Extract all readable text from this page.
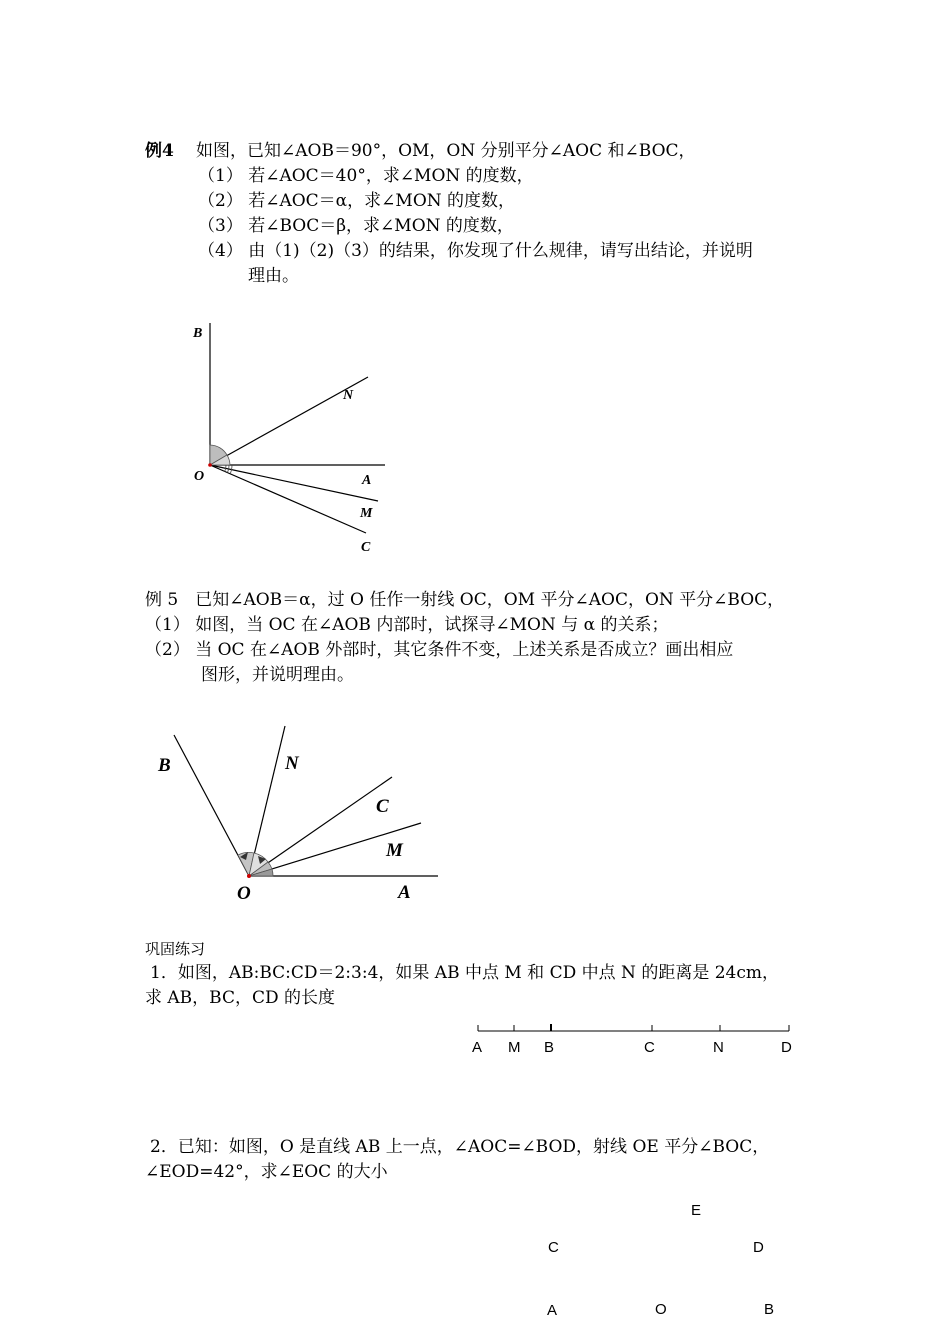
例4 如图，已知∠AOB＝90°，OM，ON 分别平分∠AOC 和∠BOC，
（1） 若∠AOC＝40°，求∠MON 的度数，
（2） 若∠AOC＝α，求∠MON 的度数，
（3） 若∠BOC＝β，求∠MON 的度数，
（4） 由（1)（2)（3）的结果，你发现了什么规律，请写出结论，并说明
理由。
B
N
O	A
M
C
例 5　已知∠AOB＝α，过 O 任作一射线 OC，OM 平分∠AOC，ON 平分∠BOC，
（1） 如图，当 OC 在∠AOB 内部时，试探寻∠MON 与 α 的关系；
（2） 当 OC 在∠AOB 外部时，其它条件不变，上述关系是否成立？画出相应
图形，并说明理由。
B	N
C
M
O	A
巩固练习
1．如图，AB:BC:CD＝2:3:4，如果 AB 中点 M 和 CD 中点 N 的距离是 24cm，
求 AB，BC，CD 的长度
A M B	C	N	D
2．已知：如图，O 是直线 AB 上一点，∠AOC=∠BOD，射线 OE 平分∠BOC，
∠EOD=42°，求∠EOC 的大小
E
C	D
A	O	B
